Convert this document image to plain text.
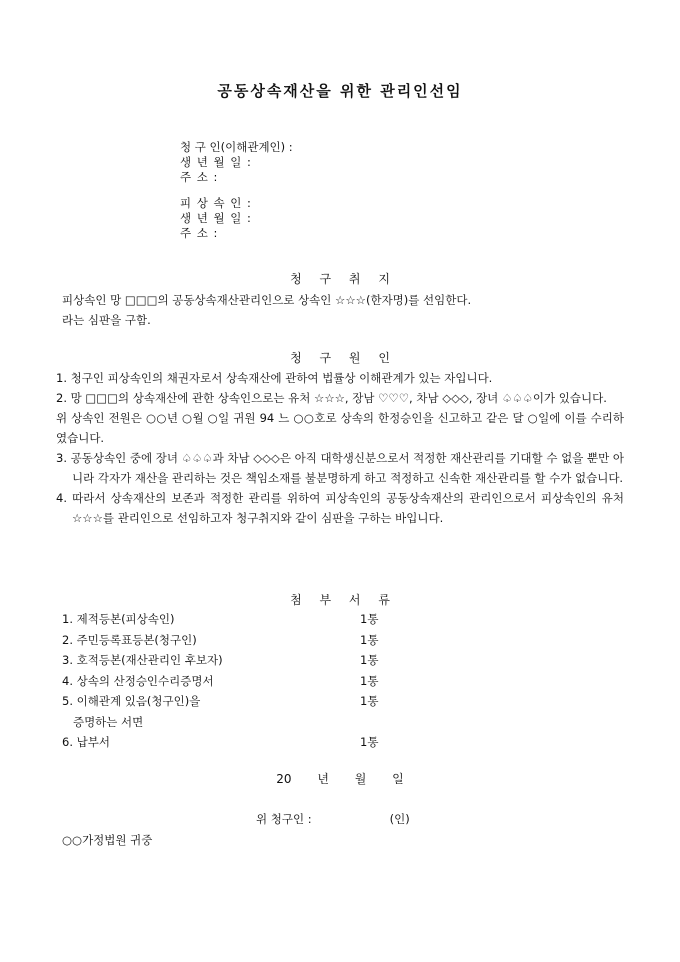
공동상속재산을 위한 관리인선임
청 구 인(이해관계인) :
생 년 월 일 :
주 소 :
피 상 속 인 :
생 년 월 일 :
주 소 :
청 구 취 지
피상속인 망 □□□의 공동상속재산관리인으로 상속인 ☆☆☆(한자명)를 선임한다.
라는 심판을 구함.
청 구 원 인
1. 청구인 피상속인의 채권자로서 상속재산에 관하여 법률상 이해관계가 있는 자입니다.
2. 망 □□□의 상속재산에 관한 상속인으로는 유처 ☆☆☆, 장남 ♡♡♡, 차남 ◇◇◇, 장녀 ♤♤♤이가 있습니다.
위 상속인 전원은 ○○년 ○월 ○일 귀원 94 느 ○○호로 상속의 한정승인을 신고하고 같은 달 ○일에 이를 수리하였습니다.
3. 공동상속인 중에 장녀 ♤♤♤과 차남 ◇◇◇은 아직 대학생신분으로서 적정한 재산관리를 기대할 수 없을 뿐만 아니라 각자가 재산을 관리하는 것은 책임소재를 불분명하게 하고 적정하고 신속한 재산관리를 할 수가 없습니다.
4. 따라서 상속재산의 보존과 적정한 관리를 위하여 피상속인의 공동상속재산의 관리인으로서 피상속인의 유처 ☆☆☆를 관리인으로 선임하고자 청구취지와 같이 심판을 구하는 바입니다.
첨 부 서 류
1. 제적등본(피상속인)	1통
2. 주민등록표등본(청구인)	1통
3. 호적등본(재산관리인 후보자)	1통
4. 상속의 산정승인수리증명서	1통
5. 이해관계 있음(청구인)을	1통
증명하는 서면
6. 납부서	1통
20 년 월 일
위 청구인 :	(인)
○○가정법원 귀중
